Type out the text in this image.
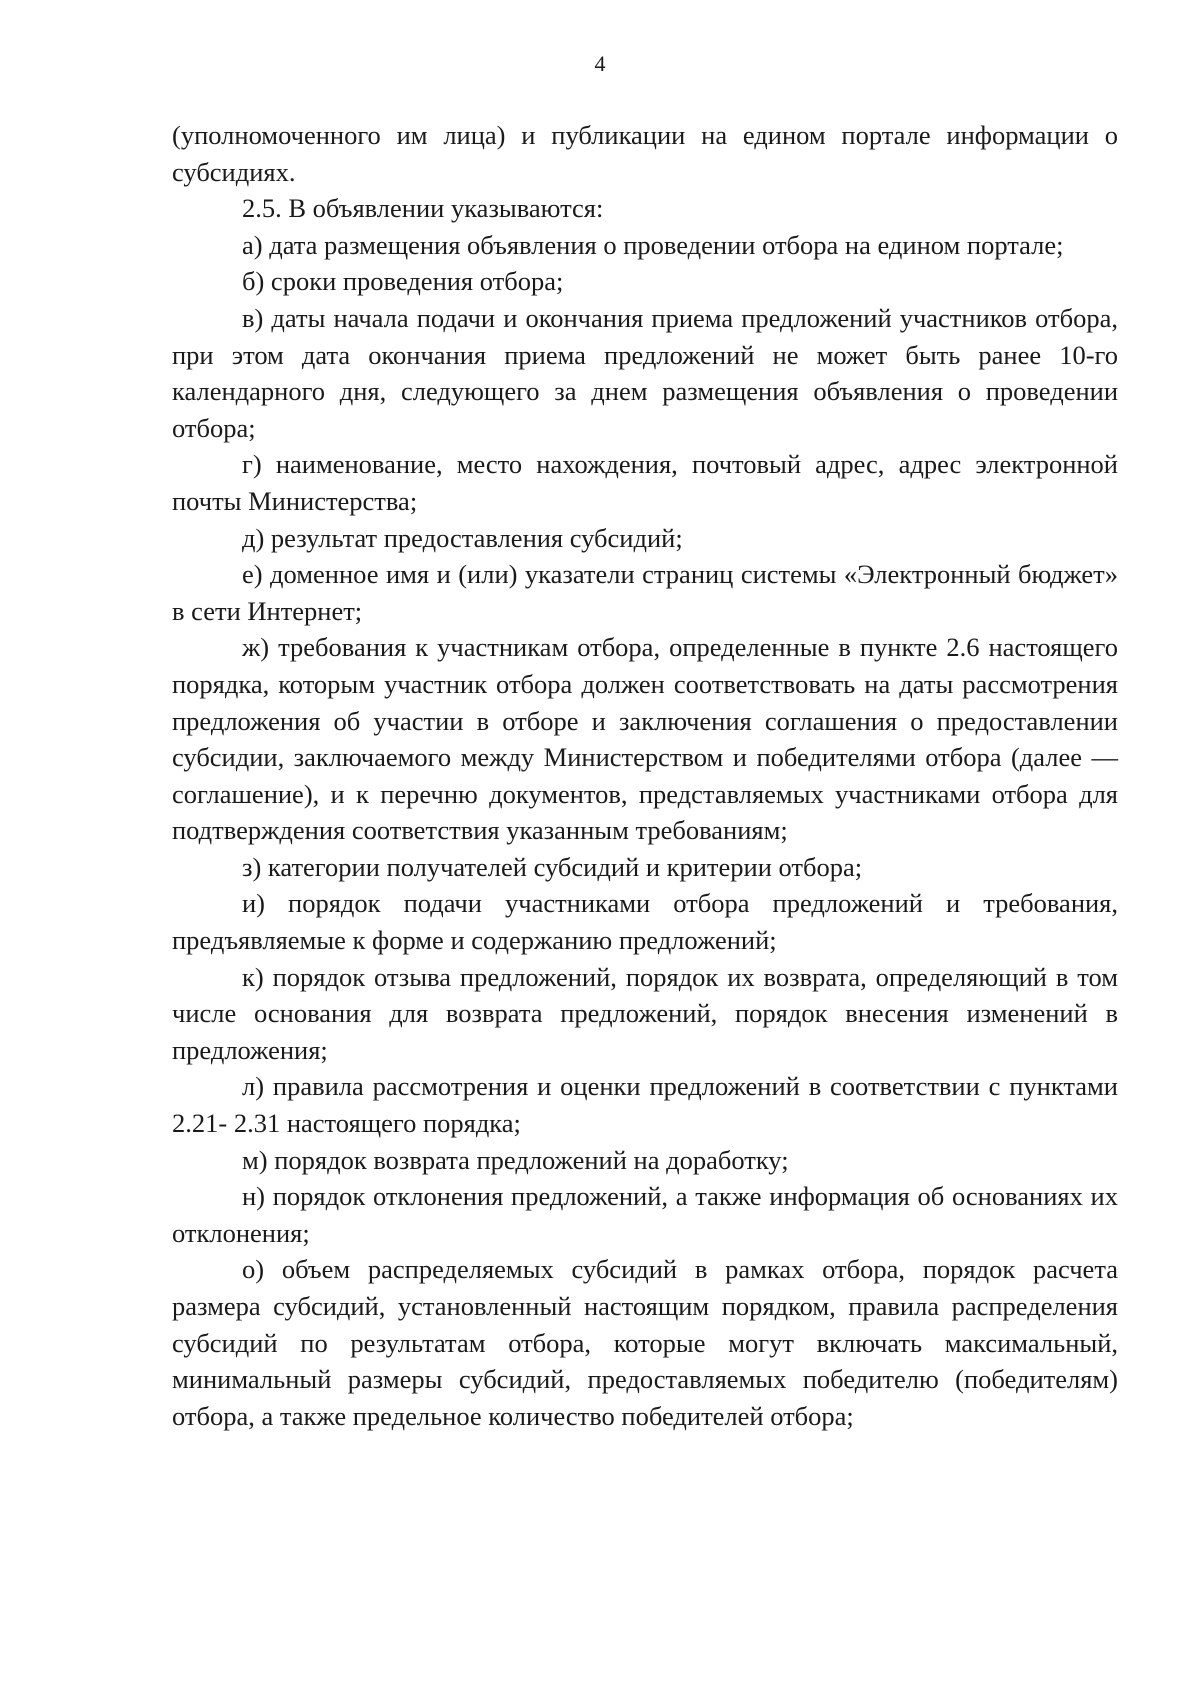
4

(уполномоченного им лица) и публикации на едином портале информации о субсидиях.

2.5. В объявлении указываются:

а) дата размещения объявления о проведении отбора на едином портале;

б) сроки проведения отбора;

в) даты начала подачи и окончания приема предложений участников отбора, при этом дата окончания приема предложений не может быть ранее 10-го календарного дня, следующего за днем размещения объявления о проведении отбора;

г) наименование, место нахождения, почтовый адрес, адрес электронной почты Министерства;

д) результат предоставления субсидий;

е) доменное имя и (или) указатели страниц системы «Электронный бюджет» в сети Интернет;

ж) требования к участникам отбора, определенные в пункте 2.6 настоящего порядка, которым участник отбора должен соответствовать на даты рассмотрения предложения об участии в отборе и заключения соглашения о предоставлении субсидии, заключаемого между Министерством и победителями отбора (далее — соглашение), и к перечню документов, представляемых участниками отбора для подтверждения соответствия указанным требованиям;

з) категории получателей субсидий и критерии отбора;

и) порядок подачи участниками отбора предложений и требования, предъявляемые к форме и содержанию предложений;

к) порядок отзыва предложений, порядок их возврата, определяющий в том числе основания для возврата предложений, порядок внесения изменений в предложения;

л) правила рассмотрения и оценки предложений в соответствии с пунктами 2.21- 2.31 настоящего порядка;

м) порядок возврата предложений на доработку;

н) порядок отклонения предложений, а также информация об основаниях их отклонения;

о) объем распределяемых субсидий в рамках отбора, порядок расчета размера субсидий, установленный настоящим порядком, правила распределения субсидий по результатам отбора, которые могут включать максимальный, минимальный размеры субсидий, предоставляемых победителю (победителям) отбора, а также предельное количество победителей отбора;
